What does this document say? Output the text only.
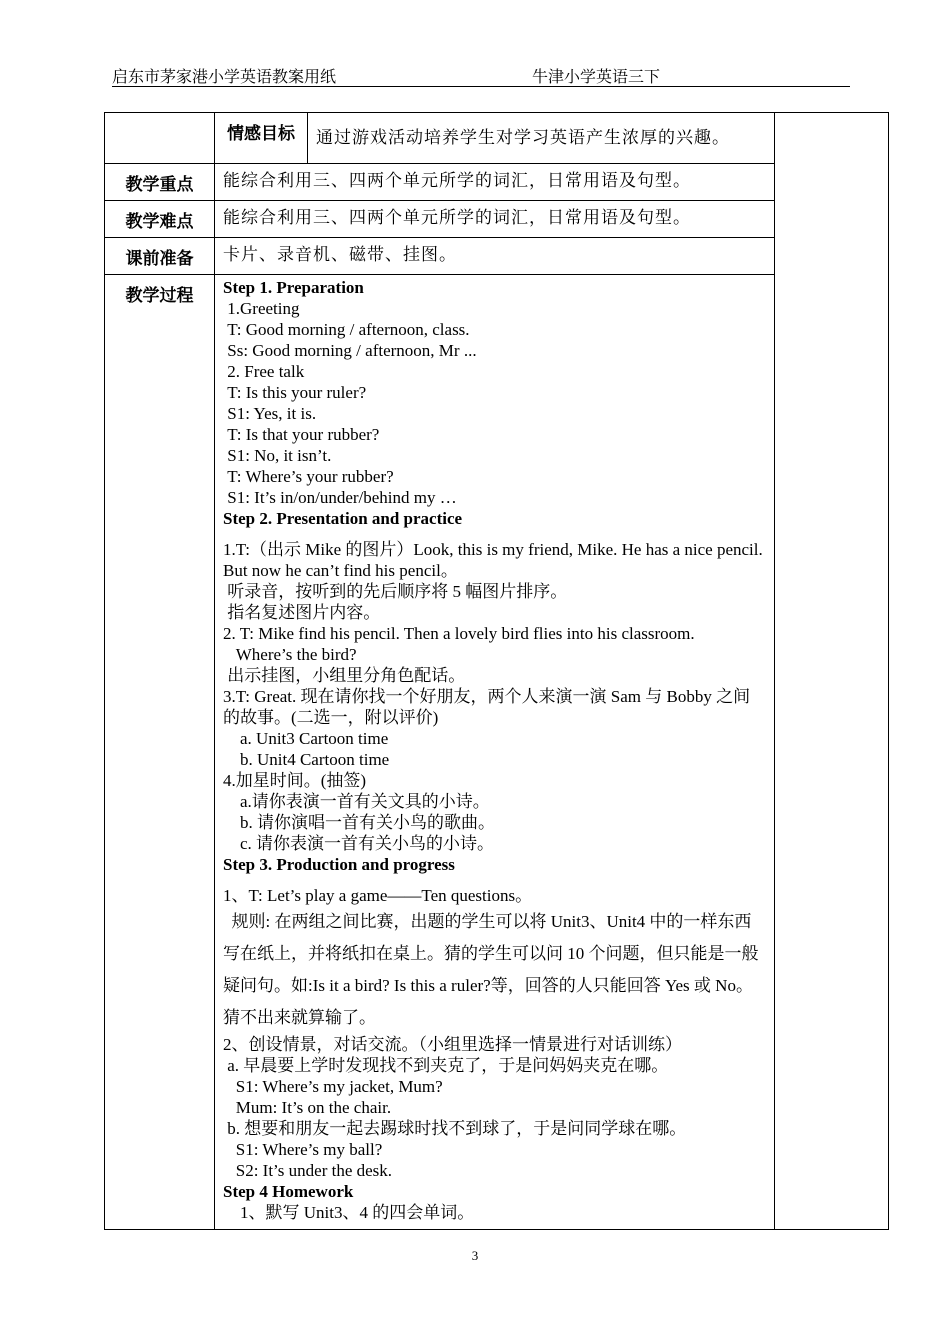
启东市茅家港小学英语教案用纸	牛津小学英语三下

情感目标	通过游戏活动培养学生对学习英语产生浓厚的兴趣。

教学重点	能综合利用三、四两个单元所学的词汇，日常用语及句型。
教学难点	能综合利用三、四两个单元所学的词汇，日常用语及句型。
课前准备	卡片、录音机、磁带、挂图。
教学过程	Step 1. Preparation

1.Greeting

T: Good morning / afternoon, class.

Ss: Good morning / afternoon, Mr ...

2. Free talk

T: Is this your ruler?

S1: Yes, it is.

T: Is that your rubber?

S1: No, it isn’t.

T: Where’s your rubber?

S1: It’s in/on/under/behind my …

Step 2. Presentation and practice

1.T:（出示 Mike 的图片）Look, this is my friend, Mike. He has a nice pencil. But now he can’t find his pencil。

听录音，按听到的先后顺序将 5 幅图片排序。

指名复述图片内容。

2. T: Mike find his pencil. Then a lovely bird flies into his classroom.

Where’s the bird?

出示挂图，小组里分角色配话。

3.T: Great. 现在请你找一个好朋友，两个人来演一演 Sam 与 Bobby 之间的故事。(二选一，附以评价)

a. Unit3 Cartoon time

b. Unit4 Cartoon time

4.加星时间。(抽签)

a.请你表演一首有关文具的小诗。

b. 请你演唱一首有关小鸟的歌曲。

c. 请你表演一首有关小鸟的小诗。

Step 3. Production and progress

1、T: Let’s play a game——Ten questions。

规则: 在两组之间比赛，出题的学生可以将 Unit3、Unit4 中的一样东西写在纸上，并将纸扣在桌上。猜的学生可以问 10 个问题，但只能是一般疑问句。如:Is it a bird? Is this a ruler?等，回答的人只能回答 Yes 或 No。猜不出来就算输了。

2、创设情景，对话交流。（小组里选择一情景进行对话训练）

a. 早晨要上学时发现找不到夹克了，于是问妈妈夹克在哪。

S1: Where’s my jacket, Mum?

Mum: It’s on the chair.

b. 想要和朋友一起去踢球时找不到球了，于是问同学球在哪。

S1: Where’s my ball?

S2: It’s under the desk.

Step 4 Homework

1、默写 Unit3、4 的四会单词。

3
